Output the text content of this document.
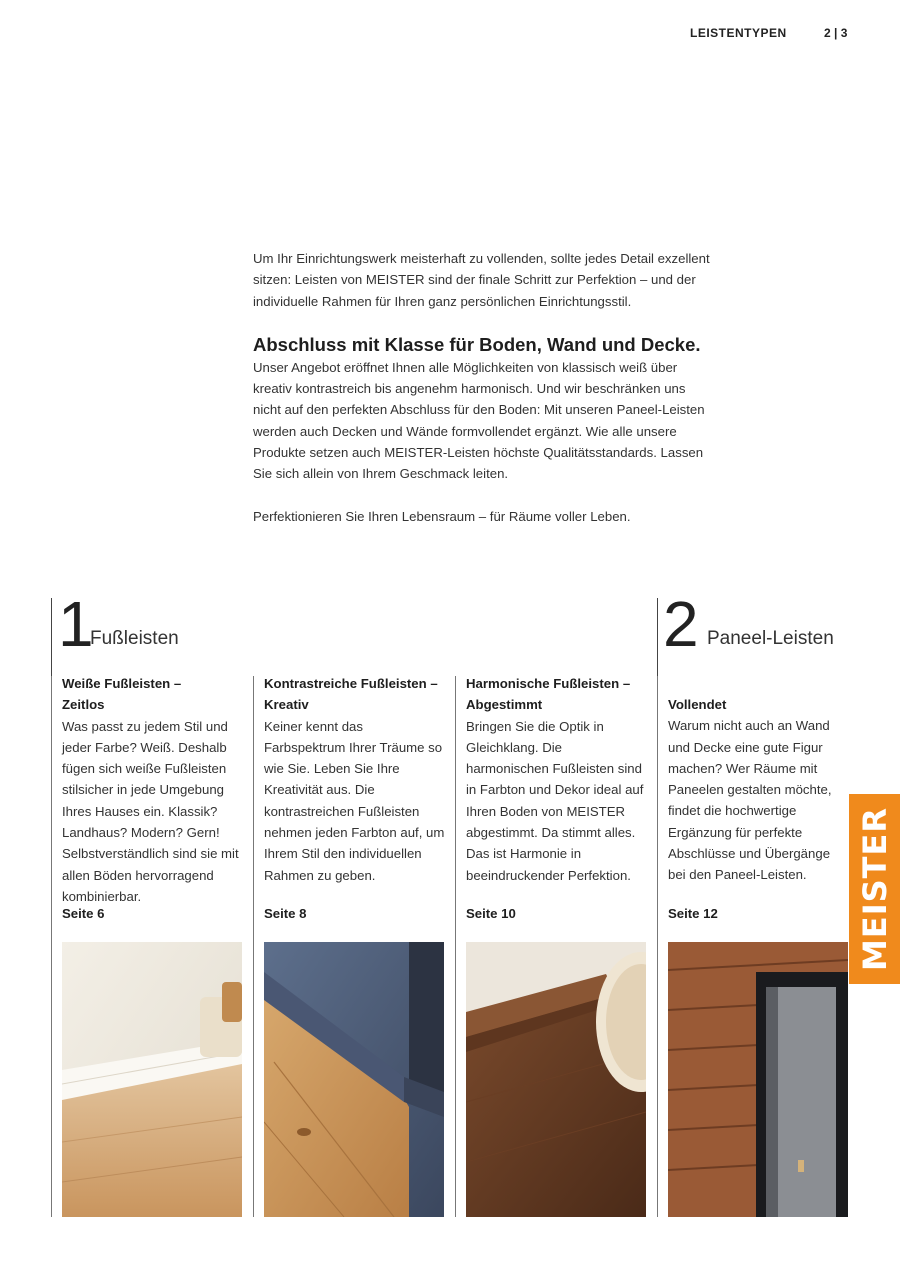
LEISTENTYPEN	2 | 3

Um Ihr Einrichtungswerk meisterhaft zu vollenden, sollte jedes Detail exzellent sitzen: Leisten von MEISTER sind der finale Schritt zur Perfektion – und der individuelle Rahmen für Ihren ganz persönlichen Einrichtungsstil.

Abschluss mit Klasse für Boden, Wand und Decke.

Unser Angebot eröffnet Ihnen alle Möglichkeiten von klassisch weiß über kreativ kontrastreich bis angenehm harmonisch. Und wir beschränken uns nicht auf den perfekten Abschluss für den Boden: Mit unseren Paneel-Leisten werden auch Decken und Wände formvollendet ergänzt. Wie alle unsere Produkte setzen auch MEISTER-Leisten höchste Qualitätsstandards. Lassen Sie sich allein von Ihrem Geschmack leiten.

Perfektionieren Sie Ihren Lebensraum – für Räume voller Leben.

1
Fußleisten	2 Paneel-Leisten

Weiße Fußleisten – Zeitlos

Was passt zu jedem Stil und jeder Farbe? Weiß. Deshalb fügen sich weiße Fußleisten stilsicher in jede Umgebung Ihres Hauses ein. Klassik? Landhaus? Modern? Gern! Selbstverständlich sind sie mit allen Böden hervorragend kombinierbar.

Seite 6

Kontrastreiche Fußleisten – Kreativ

Keiner kennt das Farbspektrum Ihrer Träume so wie Sie. Leben Sie Ihre Kreativität aus. Die kontrastreichen Fußleisten nehmen jeden Farbton auf, um Ihrem Stil den individuellen Rahmen zu geben.

Seite 8

Harmonische Fußleisten – Abgestimmt

Bringen Sie die Optik in Gleichklang. Die harmonischen Fußleisten sind in Farbton und Dekor ideal auf Ihren Boden von MEISTER abgestimmt. Da stimmt alles. Das ist Harmonie in beeindruckender Perfektion.

Seite 10

Vollendet

Warum nicht auch an Wand und Decke eine gute Figur machen? Wer Räume mit Paneelen gestalten möchte, findet die hochwertige Ergänzung für perfekte Abschlüsse und Übergänge bei den Paneel-Leisten.

Seite 12	MEISTER
